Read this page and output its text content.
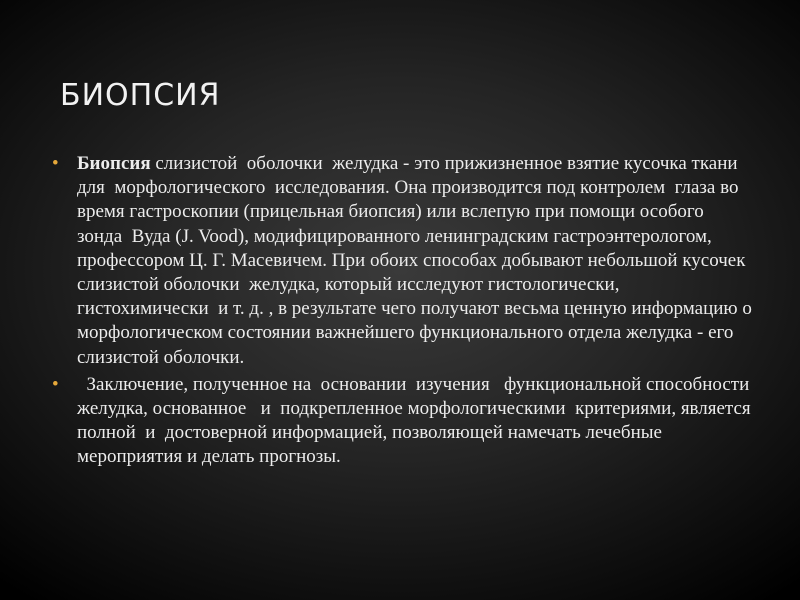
БИОПСИЯ
• Биопсия слизистой  оболочки  желудка - это прижизненное взятие кусочка ткани для  морфологического  исследования. Она производится под контролем  глаза во время гастроскопии (прицельная биопсия) или вслепую при помощи особого  зонда  Вуда (J. Vood), модифицированного ленинградским гастроэнтерологом, профессором Ц. Г. Масевичем. При обоих способах добывают небольшой кусочек слизистой оболочки  желудка, который исследуют гистологически, гистохимически  и т. д. , в результате чего получают весьма ценную информацию о  морфологическом состоянии важнейшего функционального отдела желудка - его слизистой оболочки.
• Заключение, полученное на  основании  изучения   функциональной способности желудка, основанное   и  подкрепленное морфологическими  критериями, является полной  и  достоверной информацией, позволяющей намечать лечебные мероприятия и делать прогнозы.
